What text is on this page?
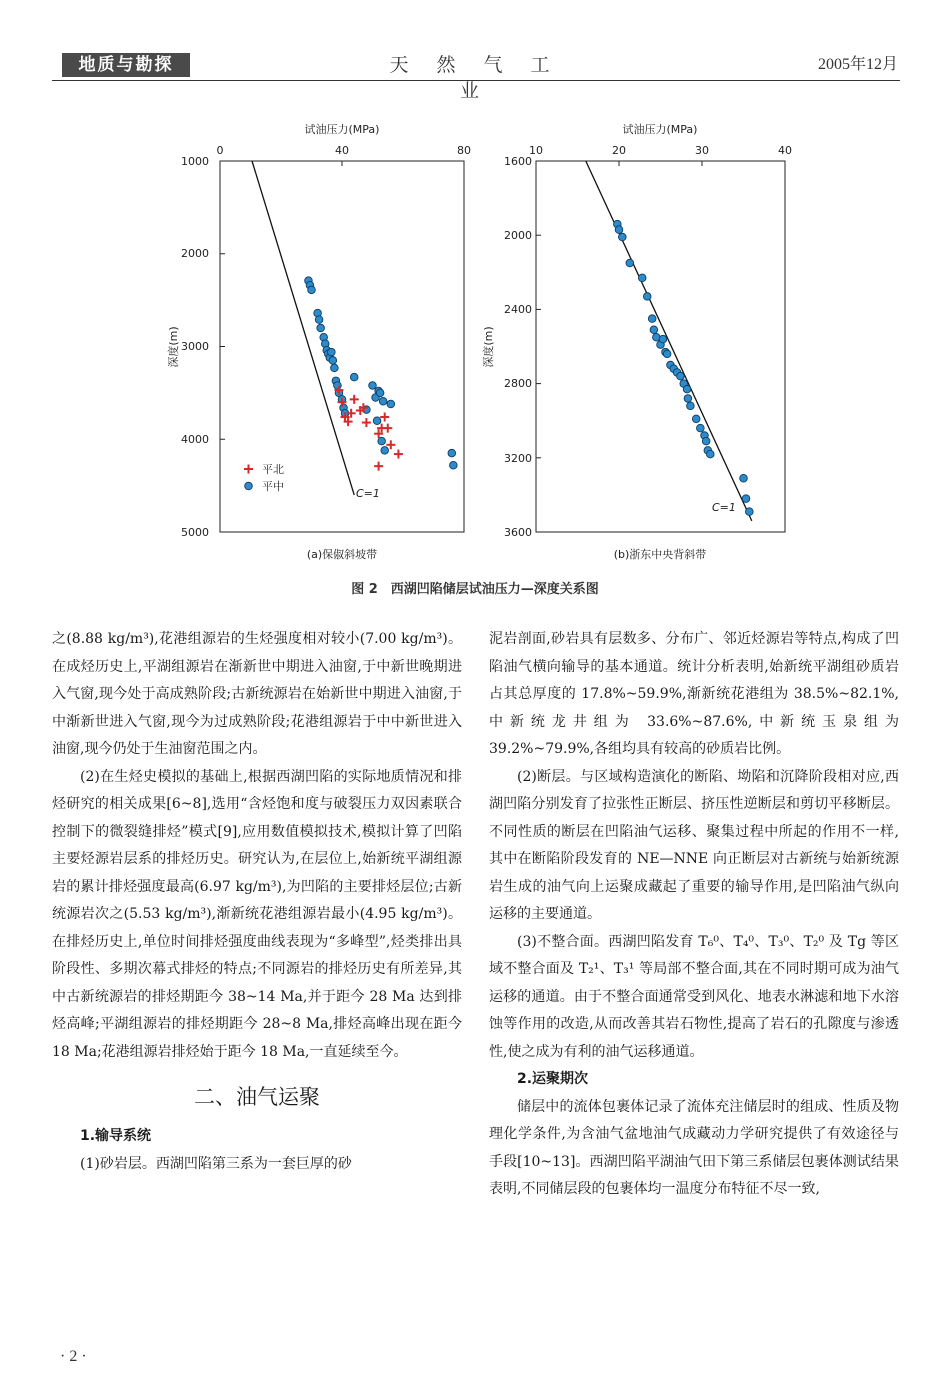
地质与勘探	天 然 气 工 业
2005年12月
试油压力(MPa)
0	40	80
1000
2000
3000
4000
5000
深度(m)
(a)保俶斜坡带
C=1
平北
平中
试油压力(MPa)
10	20	30	40
1600
2000
2400
2800
3200
3600
深度(m)
(b)浙东中央背斜带
C=1
图 2　西湖凹陷储层试油压力—深度关系图

之(8.88 kg/m³),花港组源岩的生烃强度相对较小(7.00 kg/m³)。在成烃历史上,平湖组源岩在渐新世中期进入油窗,于中新世晚期进入气窗,现今处于高成熟阶段;古新统源岩在始新世中期进入油窗,于中渐新世进入气窗,现今为过成熟阶段;花港组源岩于中中新世进入油窗,现今仍处于生油窗范围之内。

(2)在生烃史模拟的基础上,根据西湖凹陷的实际地质情况和排烃研究的相关成果[6~8],选用“含烃饱和度与破裂压力双因素联合控制下的微裂缝排烃”模式[9],应用数值模拟技术,模拟计算了凹陷主要烃源岩层系的排烃历史。研究认为,在层位上,始新统平湖组源岩的累计排烃强度最高(6.97 kg/m³),为凹陷的主要排烃层位;古新统源岩次之(5.53 kg/m³),渐新统花港组源岩最小(4.95 kg/m³)。在排烃历史上,单位时间排烃强度曲线表现为“多峰型”,烃类排出具阶段性、多期次幕式排烃的特点;不同源岩的排烃历史有所差异,其中古新统源岩的排烃期距今 38~14 Ma,并于距今 28 Ma 达到排烃高峰;平湖组源岩的排烃期距今 28~8 Ma,排烃高峰出现在距今 18 Ma;花港组源岩排烃始于距今 18 Ma,一直延续至今。

二、油气运聚

1.输导系统

(1)砂岩层。西湖凹陷第三系为一套巨厚的砂

泥岩剖面,砂岩具有层数多、分布广、邻近烃源岩等特点,构成了凹陷油气横向输导的基本通道。统计分析表明,始新统平湖组砂质岩占其总厚度的 17.8%~59.9%,渐新统花港组为 38.5%~82.1%,中新统龙井组为 33.6%~87.6%,中新统玉泉组为 39.2%~79.9%,各组均具有较高的砂质岩比例。

(2)断层。与区域构造演化的断陷、坳陷和沉降阶段相对应,西湖凹陷分别发育了拉张性正断层、挤压性逆断层和剪切平移断层。不同性质的断层在凹陷油气运移、聚集过程中所起的作用不一样,其中在断陷阶段发育的 NE—NNE 向正断层对古新统与始新统源岩生成的油气向上运聚成藏起了重要的输导作用,是凹陷油气纵向运移的主要通道。

(3)不整合面。西湖凹陷发育 T₆⁰、T₄⁰、T₃⁰、T₂⁰ 及 Tg 等区域不整合面及 T₂¹、T₃¹ 等局部不整合面,其在不同时期可成为油气运移的通道。由于不整合面通常受到风化、地表水淋滤和地下水溶蚀等作用的改造,从而改善其岩石物性,提高了岩石的孔隙度与渗透性,使之成为有利的油气运移通道。

2.运聚期次

储层中的流体包裹体记录了流体充注储层时的组成、性质及物理化学条件,为含油气盆地油气成藏动力学研究提供了有效途径与手段[10~13]。西湖凹陷平湖油气田下第三系储层包裹体测试结果表明,不同储层段的包裹体均一温度分布特征不尽一致,

· 2 ·
